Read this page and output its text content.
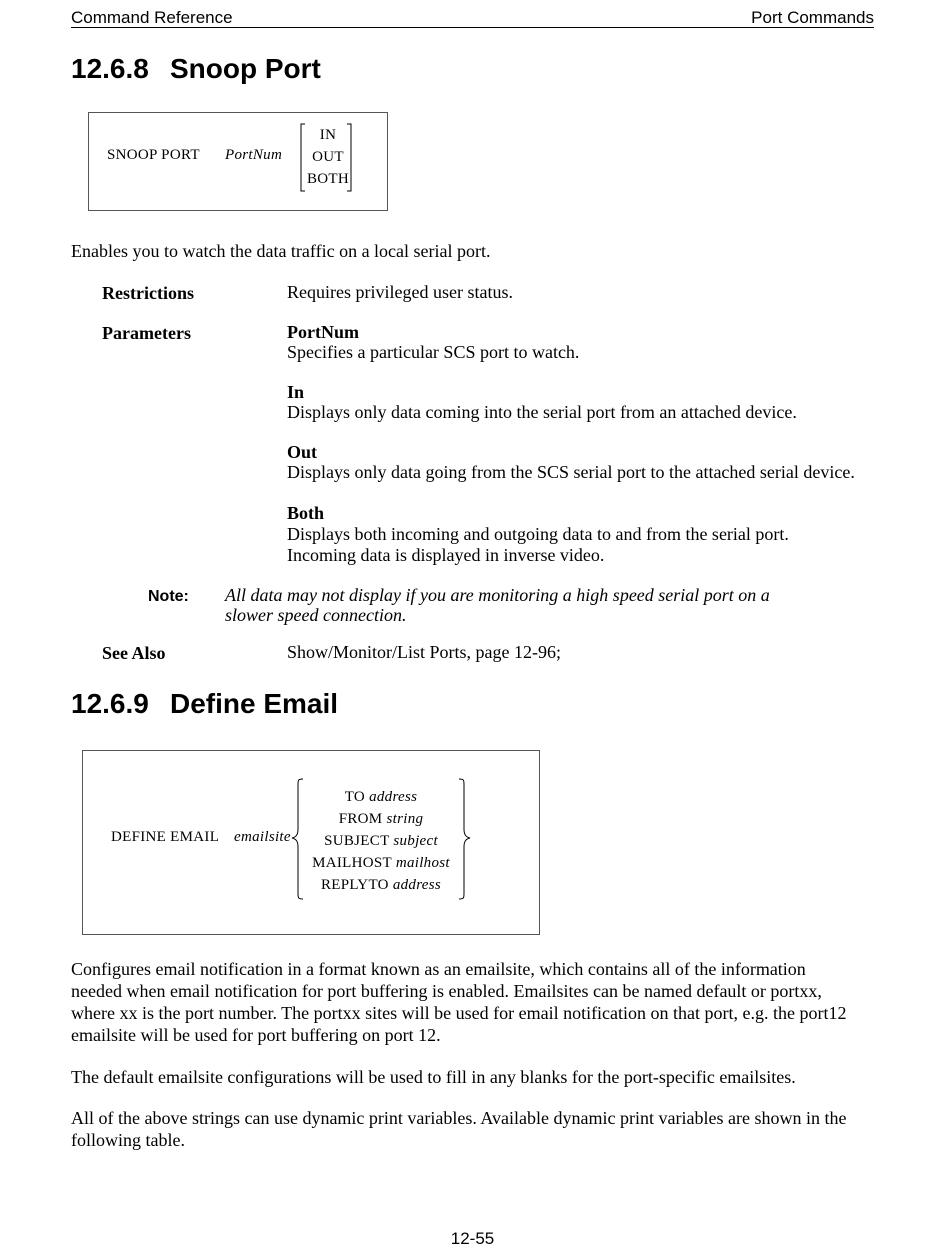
Command Reference	Port Commands
12.6.8 Snoop Port
SNOOP PORT PortNum
IN
OUT
BOTH
Enables you to watch the data traffic on a local serial port.
Restrictions	Requires privileged user status.
Parameters	PortNum
Specifies a particular SCS port to watch.
In
Displays only data coming into the serial port from an attached device.
Out
Displays only data going from the SCS serial port to the attached serial device.
Both
Displays both incoming and outgoing data to and from the serial port.
Incoming data is displayed in inverse video.
Note: All data may not display if you are monitoring a high speed serial port on a
slower speed connection.
See Also	Show/Monitor/List Ports, page 12-96;
12.6.9 Define Email
DEFINE EMAIL emailsite
TO address
FROM string
SUBJECT subject
MAILHOST mailhost
REPLYTO address
Configures email notification in a format known as an emailsite, which contains all of the information
needed when email notification for port buffering is enabled. Emailsites can be named default or portxx,
where xx is the port number. The portxx sites will be used for email notification on that port, e.g. the port12
emailsite will be used for port buffering on port 12.
The default emailsite configurations will be used to fill in any blanks for the port-specific emailsites.
All of the above strings can use dynamic print variables. Available dynamic print variables are shown in the
following table.
12-55
